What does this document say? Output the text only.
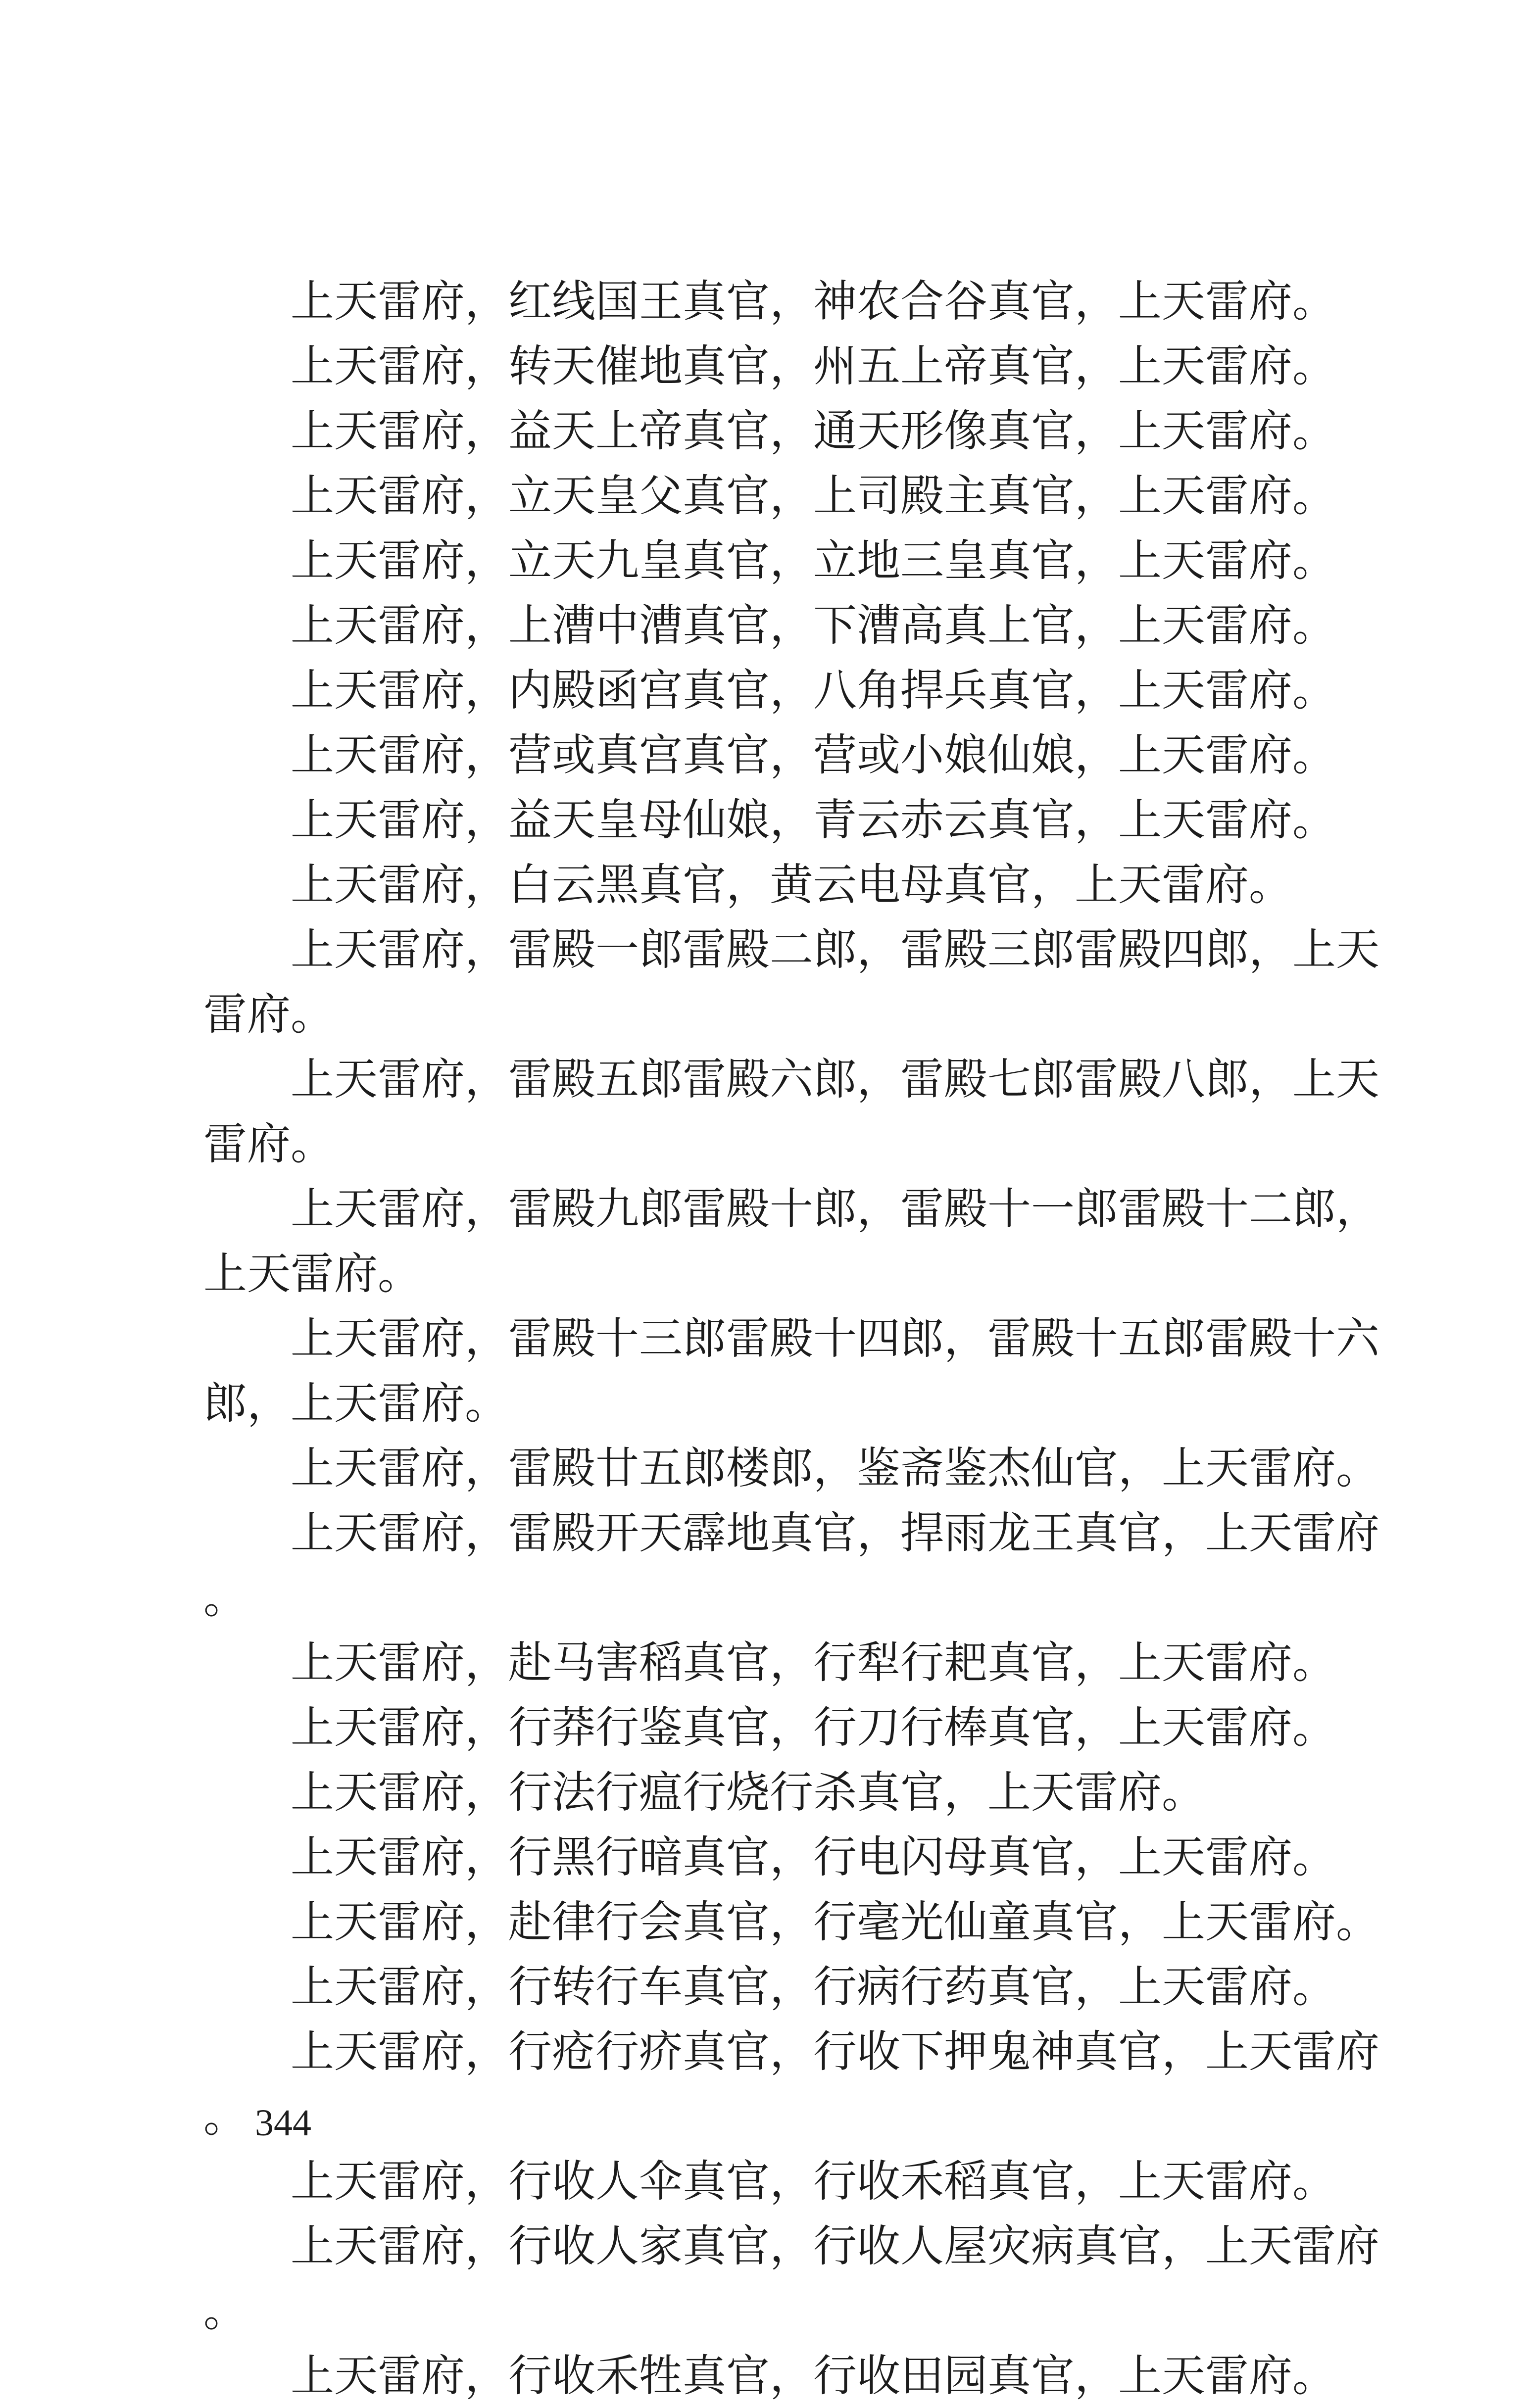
上天雷府，红线国王真官，神农合谷真官，上天雷府。

上天雷府，转天催地真官，州五上帝真官，上天雷府。

上天雷府，益天上帝真官，通天形像真官，上天雷府。

上天雷府，立天皇父真官，上司殿主真官，上天雷府。

上天雷府，立天九皇真官，立地三皇真官，上天雷府。

上天雷府，上漕中漕真官，下漕高真上官，上天雷府。

上天雷府，内殿函宫真官，八角捍兵真官，上天雷府。

上天雷府，营或真宫真官，营或小娘仙娘，上天雷府。

上天雷府，益天皇母仙娘，青云赤云真官，上天雷府。

上天雷府，白云黑真官，黄云电母真官，上天雷府。

上天雷府，雷殿一郎雷殿二郎，雷殿三郎雷殿四郎，上天雷府。

上天雷府，雷殿五郎雷殿六郎，雷殿七郎雷殿八郎，上天雷府。

上天雷府，雷殿九郎雷殿十郎，雷殿十一郎雷殿十二郎，上天雷府。

上天雷府，雷殿十三郎雷殿十四郎，雷殿十五郎雷殿十六郎，上天雷府。

上天雷府，雷殿廿五郎楼郎，鉴斋鉴杰仙官，上天雷府。

上天雷府，雷殿开天霹地真官，捍雨龙王真官，上天雷府。

上天雷府，赴马害稻真官，行犁行耙真官，上天雷府。

上天雷府，行莽行鉴真官，行刀行棒真官，上天雷府。

上天雷府，行法行瘟行烧行杀真官，上天雷府。

上天雷府，行黑行暗真官，行电闪母真官，上天雷府。

上天雷府，赴律行会真官，行毫光仙童真官，上天雷府。

上天雷府，行转行车真官，行病行药真官，上天雷府。

上天雷府，行疮行疥真官，行收下押鬼神真官，上天雷府。

上天雷府，行收人伞真官，行收禾稻真官，上天雷府。

上天雷府，行收人家真官，行收人屋灾病真官，上天雷府。

上天雷府，行收禾牲真官，行收田园真官，上天雷府。

344
